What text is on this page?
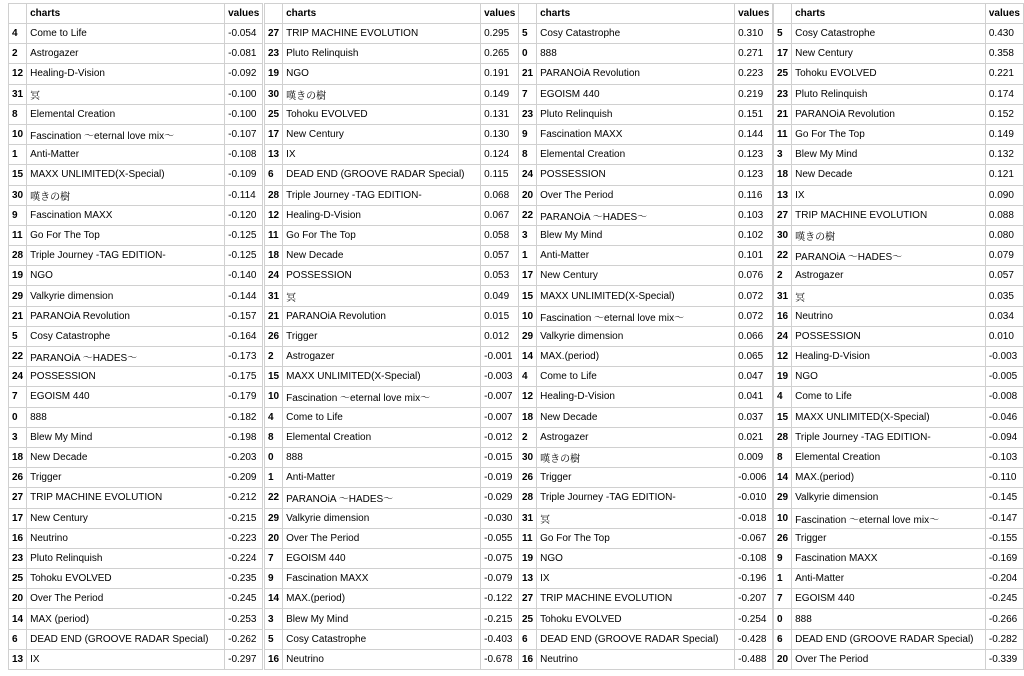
	charts	values
4	Come to Life	-0.054
2	Astrogazer	-0.081
12	Healing-D-Vision	-0.092
31	冥	-0.100
8	Elemental Creation	-0.100
10	Fascination ～eternal love mix～	-0.107
1	Anti-Matter	-0.108
15	MAXX UNLIMITED(X-Special)	-0.109
30	嘆きの樹	-0.114
9	Fascination MAXX	-0.120
11	Go For The Top	-0.125
28	Triple Journey -TAG EDITION-	-0.125
19	NGO	-0.140
29	Valkyrie dimension	-0.144
21	PARANOiA Revolution	-0.157
5	Cosy Catastrophe	-0.164
22	PARANOiA ～HADES～	-0.173
24	POSSESSION	-0.175
7	EGOISM 440	-0.179
0	888	-0.182
3	Blew My Mind	-0.198
18	New Decade	-0.203
26	Trigger	-0.209
27	TRIP MACHINE EVOLUTION	-0.212
17	New Century	-0.215
16	Neutrino	-0.223
23	Pluto Relinquish	-0.224
25	Tohoku EVOLVED	-0.235
20	Over The Period	-0.245
14	MAX (period)	-0.253
6	DEAD END (GROOVE RADAR Special)	-0.262
13	IX	-0.297
	charts	values
27	TRIP MACHINE EVOLUTION	0.295
23	Pluto Relinquish	0.265
19	NGO	0.191
30	嘆きの樹	0.149
25	Tohoku EVOLVED	0.131
17	New Century	0.130
13	IX	0.124
6	DEAD END (GROOVE RADAR Special)	0.115
28	Triple Journey -TAG EDITION-	0.068
12	Healing-D-Vision	0.067
11	Go For The Top	0.058
18	New Decade	0.057
24	POSSESSION	0.053
31	冥	0.049
21	PARANOiA Revolution	0.015
26	Trigger	0.012
2	Astrogazer	-0.001
15	MAXX UNLIMITED(X-Special)	-0.003
10	Fascination ～eternal love mix～	-0.007
4	Come to Life	-0.007
8	Elemental Creation	-0.012
0	888	-0.015
1	Anti-Matter	-0.019
22	PARANOiA ～HADES～	-0.029
29	Valkyrie dimension	-0.030
20	Over The Period	-0.055
7	EGOISM 440	-0.075
9	Fascination MAXX	-0.079
14	MAX.(period)	-0.122
3	Blew My Mind	-0.215
5	Cosy Catastrophe	-0.403
16	Neutrino	-0.678
	charts	values
5	Cosy Catastrophe	0.310
0	888	0.271
21	PARANOiA Revolution	0.223
7	EGOISM 440	0.219
23	Pluto Relinquish	0.151
9	Fascination MAXX	0.144
8	Elemental Creation	0.123
24	POSSESSION	0.123
20	Over The Period	0.116
22	PARANOiA ～HADES～	0.103
3	Blew My Mind	0.102
1	Anti-Matter	0.101
17	New Century	0.076
15	MAXX UNLIMITED(X-Special)	0.072
10	Fascination ～eternal love mix～	0.072
29	Valkyrie dimension	0.066
14	MAX.(period)	0.065
4	Come to Life	0.047
12	Healing-D-Vision	0.041
18	New Decade	0.037
2	Astrogazer	0.021
30	嘆きの樹	0.009
26	Trigger	-0.006
28	Triple Journey -TAG EDITION-	-0.010
31	冥	-0.018
11	Go For The Top	-0.067
19	NGO	-0.108
13	IX	-0.196
27	TRIP MACHINE EVOLUTION	-0.207
25	Tohoku EVOLVED	-0.254
6	DEAD END (GROOVE RADAR Special)	-0.428
16	Neutrino	-0.488
	charts	values
5	Cosy Catastrophe	0.430
17	New Century	0.358
25	Tohoku EVOLVED	0.221
23	Pluto Relinquish	0.174
21	PARANOiA Revolution	0.152
11	Go For The Top	0.149
3	Blew My Mind	0.132
18	New Decade	0.121
13	IX	0.090
27	TRIP MACHINE EVOLUTION	0.088
30	嘆きの樹	0.080
22	PARANOiA ～HADES～	0.079
2	Astrogazer	0.057
31	冥	0.035
16	Neutrino	0.034
24	POSSESSION	0.010
12	Healing-D-Vision	-0.003
19	NGO	-0.005
4	Come to Life	-0.008
15	MAXX UNLIMITED(X-Special)	-0.046
28	Triple Journey -TAG EDITION-	-0.094
8	Elemental Creation	-0.103
14	MAX.(period)	-0.110
29	Valkyrie dimension	-0.145
10	Fascination ～eternal love mix～	-0.147
26	Trigger	-0.155
9	Fascination MAXX	-0.169
1	Anti-Matter	-0.204
7	EGOISM 440	-0.245
0	888	-0.266
6	DEAD END (GROOVE RADAR Special)	-0.282
20	Over The Period	-0.339
